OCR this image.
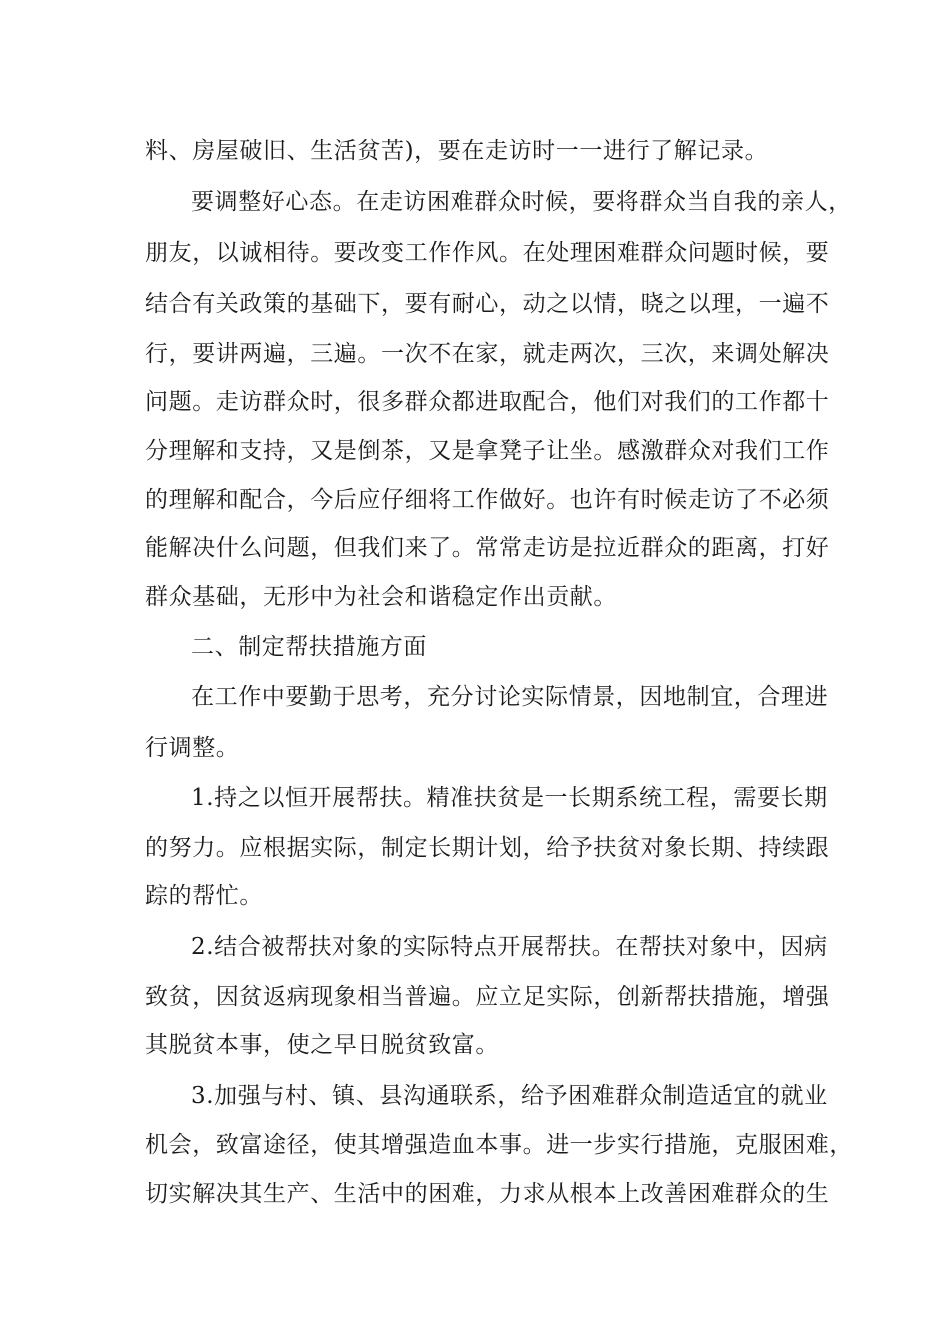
料、房屋破旧、生活贫苦)，要在走访时一一进行了解记录。
要调整好心态。在走访困难群众时候，要将群众当自我的亲人，
朋友，以诚相待。要改变工作作风。在处理困难群众问题时候，要
结合有关政策的基础下，要有耐心，动之以情，晓之以理，一遍不
行，要讲两遍，三遍。一次不在家，就走两次，三次，来调处解决
问题。走访群众时，很多群众都进取配合，他们对我们的工作都十
分理解和支持，又是倒茶，又是拿凳子让坐。感激群众对我们工作
的理解和配合，今后应仔细将工作做好。也许有时候走访了不必须
能解决什么问题，但我们来了。常常走访是拉近群众的距离，打好
群众基础，无形中为社会和谐稳定作出贡献。
二、制定帮扶措施方面
在工作中要勤于思考，充分讨论实际情景，因地制宜，合理进
行调整。
1.持之以恒开展帮扶。精准扶贫是一长期系统工程，需要长期
的努力。应根据实际，制定长期计划，给予扶贫对象长期、持续跟
踪的帮忙。
2.结合被帮扶对象的实际特点开展帮扶。在帮扶对象中，因病
致贫，因贫返病现象相当普遍。应立足实际，创新帮扶措施，增强
其脱贫本事，使之早日脱贫致富。
3.加强与村、镇、县沟通联系，给予困难群众制造适宜的就业
机会，致富途径，使其增强造血本事。进一步实行措施，克服困难，
切实解决其生产、生活中的困难，力求从根本上改善困难群众的生
